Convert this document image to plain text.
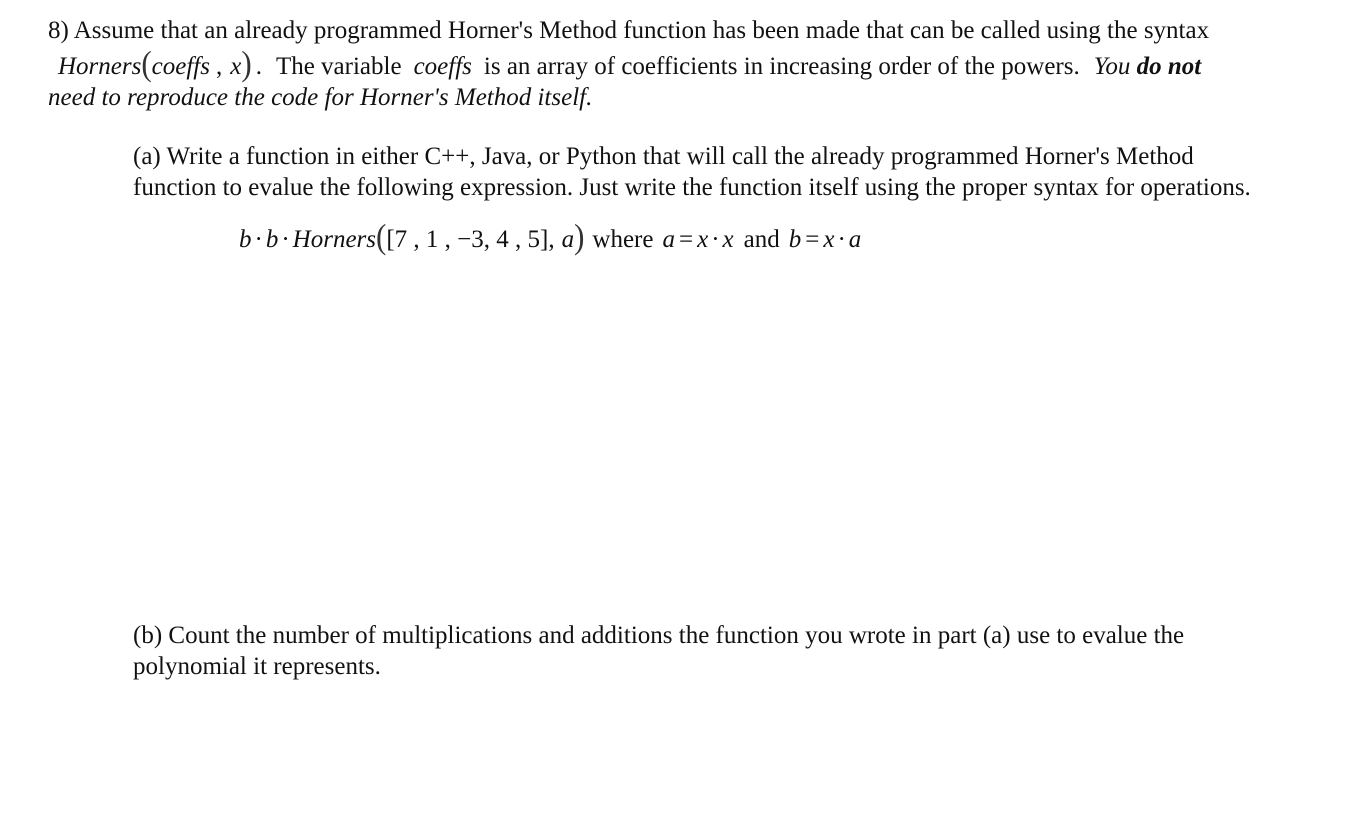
8) Assume that an already programmed Horner's Method function has been made that can be called using the syntax
Horners(coeffs , x) . The variable coeffs is an array of coefficients in increasing order of the powers. You do not
need to reproduce the code for Horner's Method itself.
(a) Write a function in either C++, Java, or Python that will call the already programmed Horner's Method
function to evalue the following expression. Just write the function itself using the proper syntax for operations.
b · b · Horners([7 , 1 , −3, 4 , 5], a) where a = x · x and b = x · a
(b) Count the number of multiplications and additions the function you wrote in part (a) use to evalue the
polynomial it represents.
